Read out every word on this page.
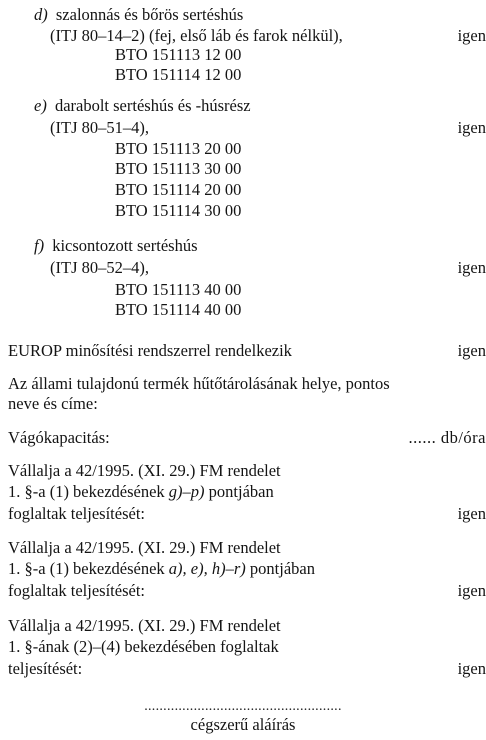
d) szalonnás és bőrös sertéshús
(ITJ 80–14–2) (fej, első láb és farok nélkül),	igen
BTO 151113 12 00
BTO 151114 12 00
e) darabolt sertéshús és -húsrész
(ITJ 80–51–4),	igen
BTO 151113 20 00
BTO 151113 30 00
BTO 151114 20 00
BTO 151114 30 00
f) kicsontozott sertéshús
(ITJ 80–52–4),	igen
BTO 151113 40 00
BTO 151114 40 00
EUROP minősítési rendszerrel rendelkezik	igen
Az állami tulajdonú termék hűtőtárolásának helye, pontos
neve és címe:
Vágókapacitás:	...... db/óra
Vállalja a 42/1995. (XI. 29.) FM rendelet
1. §-a (1) bekezdésének g)–p) pontjában
foglaltak teljesítését:	igen
Vállalja a 42/1995. (XI. 29.) FM rendelet
1. §-a (1) bekezdésének a), e), h)–r) pontjában
foglaltak teljesítését:	igen
Vállalja a 42/1995. (XI. 29.) FM rendelet
1. §-ának (2)–(4) bekezdésében foglaltak
teljesítését:	igen
....................................................
cégszerű aláírás
